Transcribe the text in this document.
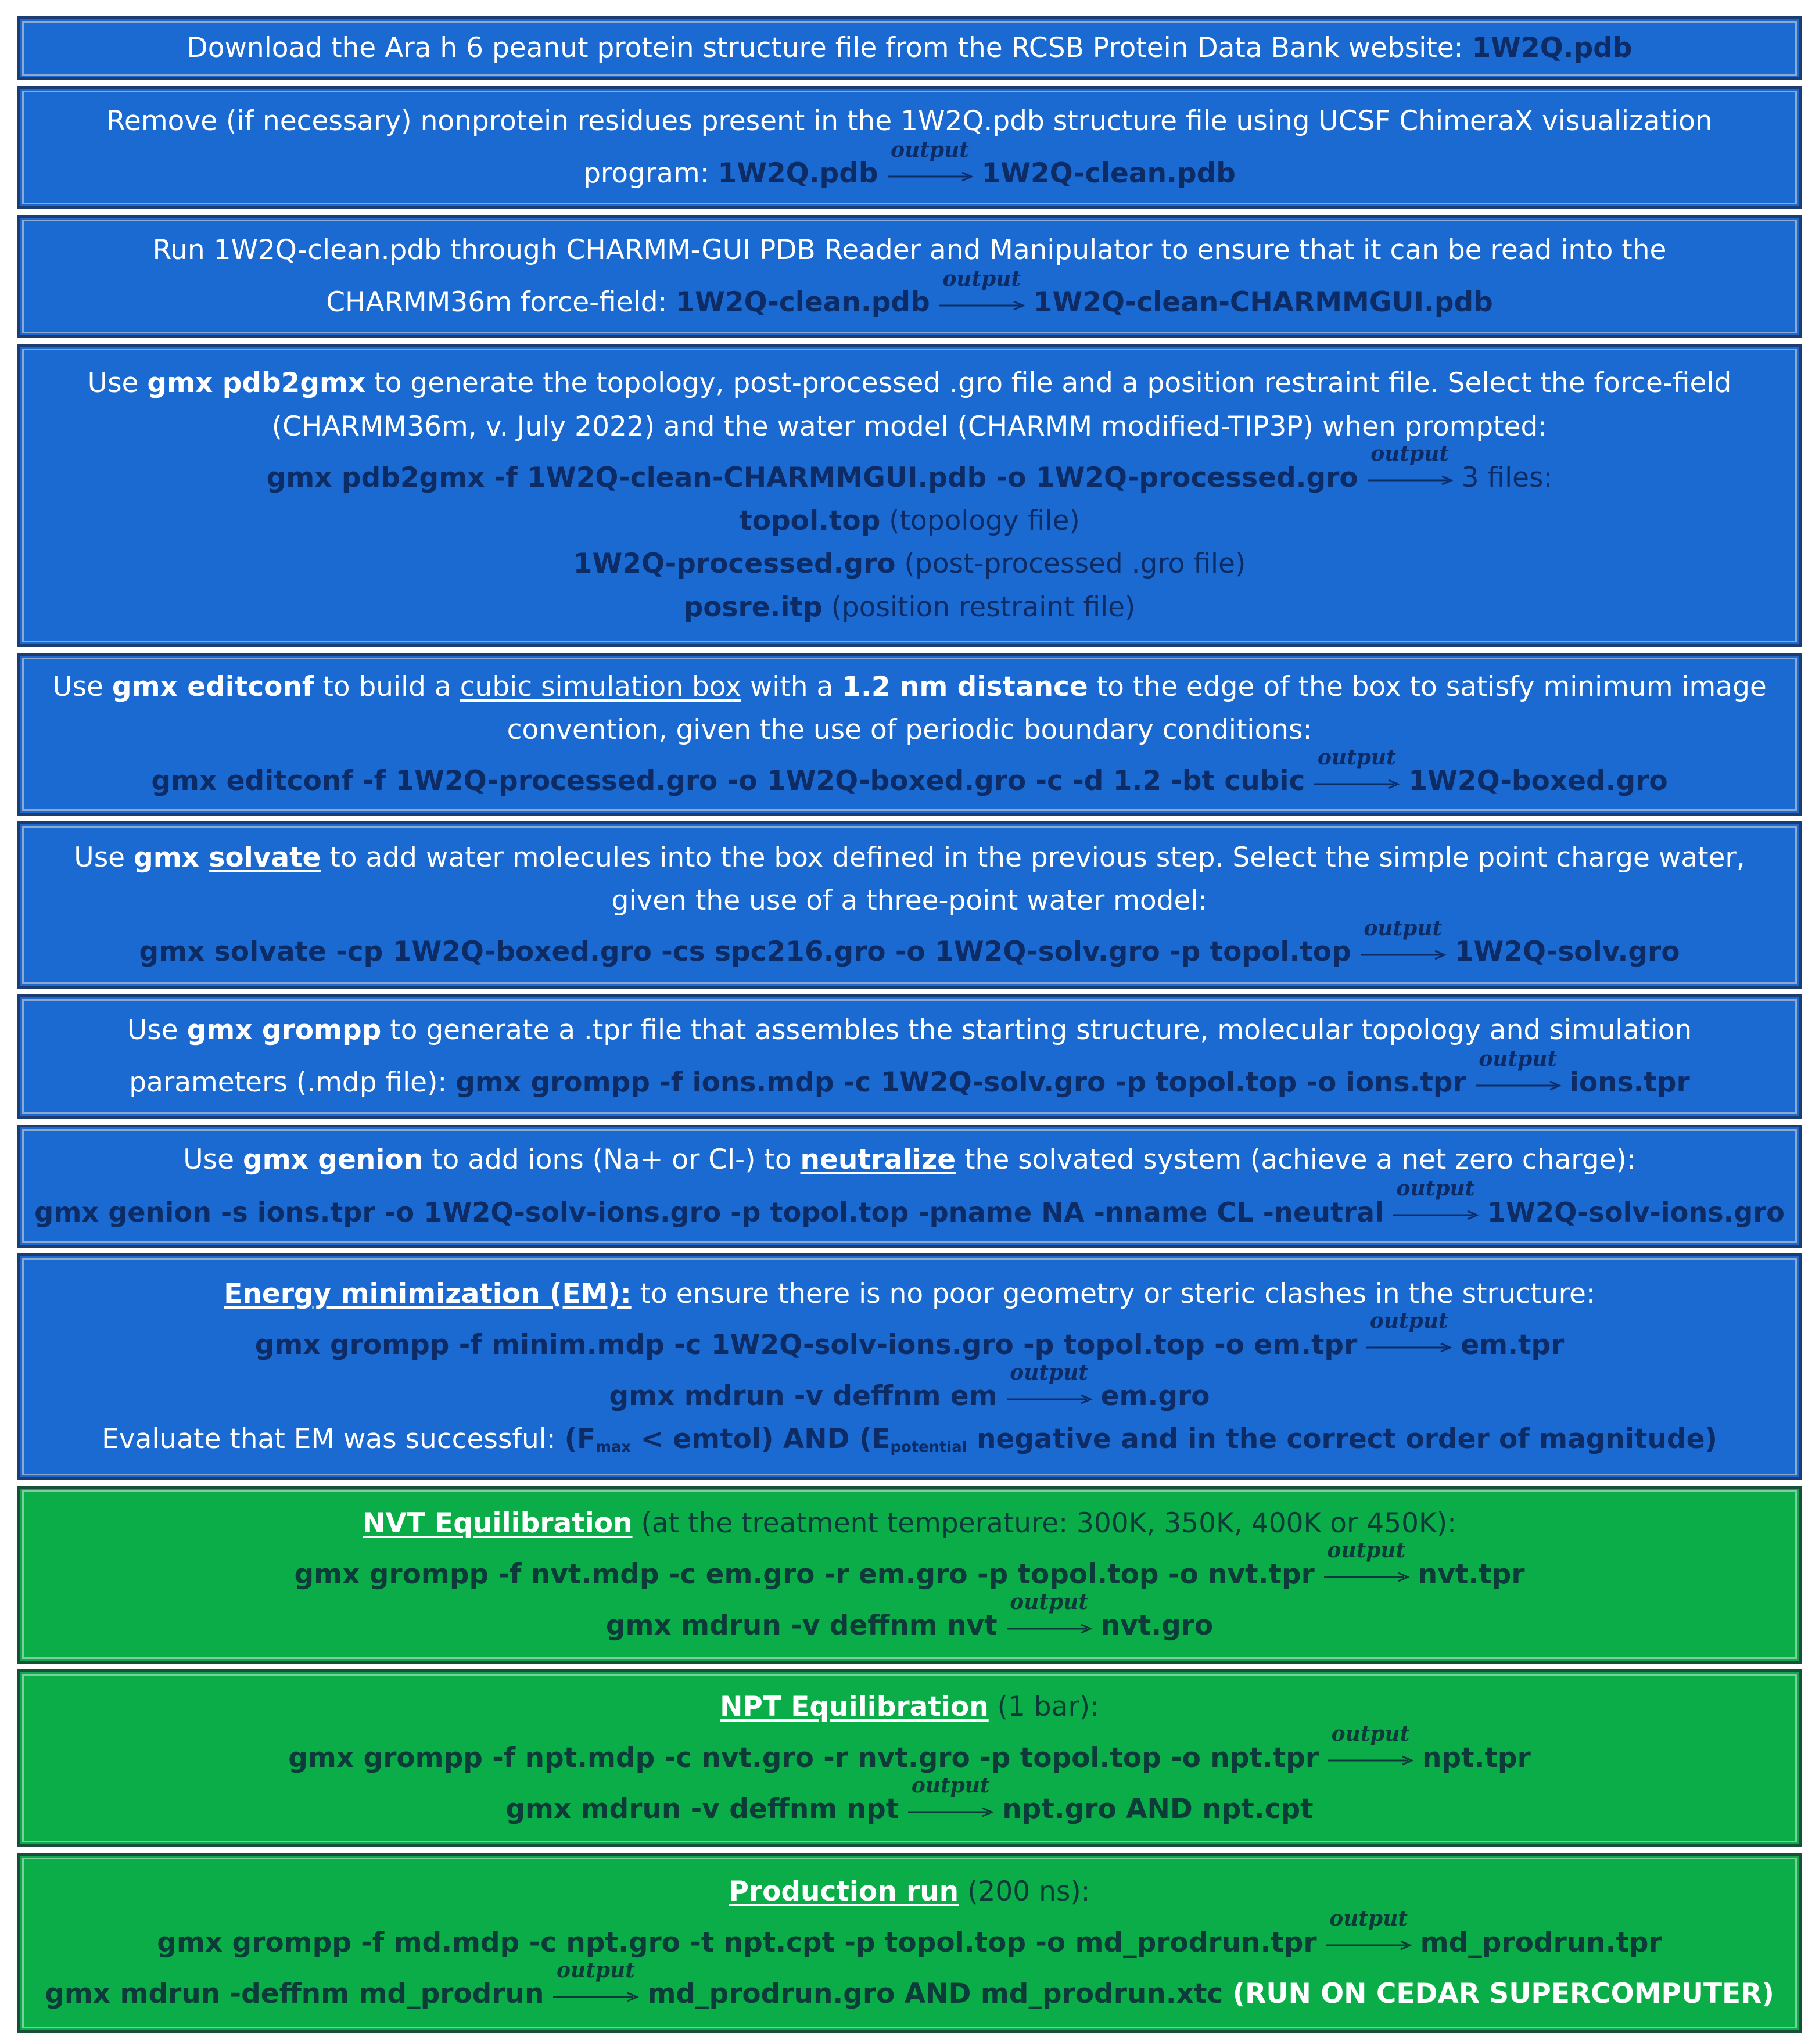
Download the Ara h 6 peanut protein structure file from the RCSB Protein Data Bank website: 1W2Q.pdb
Remove (if necessary) nonprotein residues present in the 1W2Q.pdb structure file using UCSF ChimeraX visualization
program: 1W2Q.pdb
output
1W2Q-clean.pdb
Run 1W2Q-clean.pdb through CHARMM-GUI PDB Reader and Manipulator to ensure that it can be read into the
CHARMM36m force-field: 1W2Q-clean.pdb
output
1W2Q-clean-CHARMMGUI.pdb
Use gmx pdb2gmx to generate the topology, post-processed .gro file and a position restraint file. Select the force-field
(CHARMM36m, v. July 2022) and the water model (CHARMM modified-TIP3P) when prompted:
gmx pdb2gmx -f 1W2Q-clean-CHARMMGUI.pdb -o 1W2Q-processed.gro
output
3 files:
topol.top (topology file)
1W2Q-processed.gro (post-processed .gro file)
posre.itp (position restraint file)
Use gmx editconf to build a cubic simulation box with a 1.2 nm distance to the edge of the box to satisfy minimum image
convention, given the use of periodic boundary conditions:
gmx editconf -f 1W2Q-processed.gro -o 1W2Q-boxed.gro -c -d 1.2 -bt cubic
output
1W2Q-boxed.gro
Use gmx solvate to add water molecules into the box defined in the previous step. Select the simple point charge water,
given the use of a three-point water model:
gmx solvate -cp 1W2Q-boxed.gro -cs spc216.gro -o 1W2Q-solv.gro -p topol.top
output
1W2Q-solv.gro
Use gmx grompp to generate a .tpr file that assembles the starting structure, molecular topology and simulation
parameters (.mdp file): gmx grompp -f ions.mdp -c 1W2Q-solv.gro -p topol.top -o ions.tpr
output
ions.tpr
Use gmx genion to add ions (Na+ or Cl-) to neutralize the solvated system (achieve a net zero charge):
gmx genion -s ions.tpr -o 1W2Q-solv-ions.gro -p topol.top -pname NA -nname CL -neutral
output
1W2Q-solv-ions.gro
Energy minimization (EM): to ensure there is no poor geometry or steric clashes in the structure:
gmx grompp -f minim.mdp -c 1W2Q-solv-ions.gro -p topol.top -o em.tpr
output
em.tpr
gmx mdrun -v deffnm em
output
em.gro
Evaluate that EM was successful: ($F_{max}$ < emtol) AND ($E_{potential}$ negative and in the correct order of magnitude)
NVT Equilibration (at the treatment temperature: 300K, 350K, 400K or 450K):
gmx grompp -f nvt.mdp -c em.gro -r em.gro -p topol.top -o nvt.tpr
output
nvt.tpr
gmx mdrun -v deffnm nvt
output
nvt.gro
NPT Equilibration (1 bar):
gmx grompp -f npt.mdp -c nvt.gro -r nvt.gro -p topol.top -o npt.tpr
output
npt.tpr
gmx mdrun -v deffnm npt
output
npt.gro AND npt.cpt
Production run (200 ns):
gmx grompp -f md.mdp -c npt.gro -t npt.cpt -p topol.top -o md_prodrun.tpr
output
md_prodrun.tpr
gmx mdrun -deffnm md_prodrun
output
md_prodrun.gro AND md_prodrun.xtc (RUN ON CEDAR SUPERCOMPUTER)
